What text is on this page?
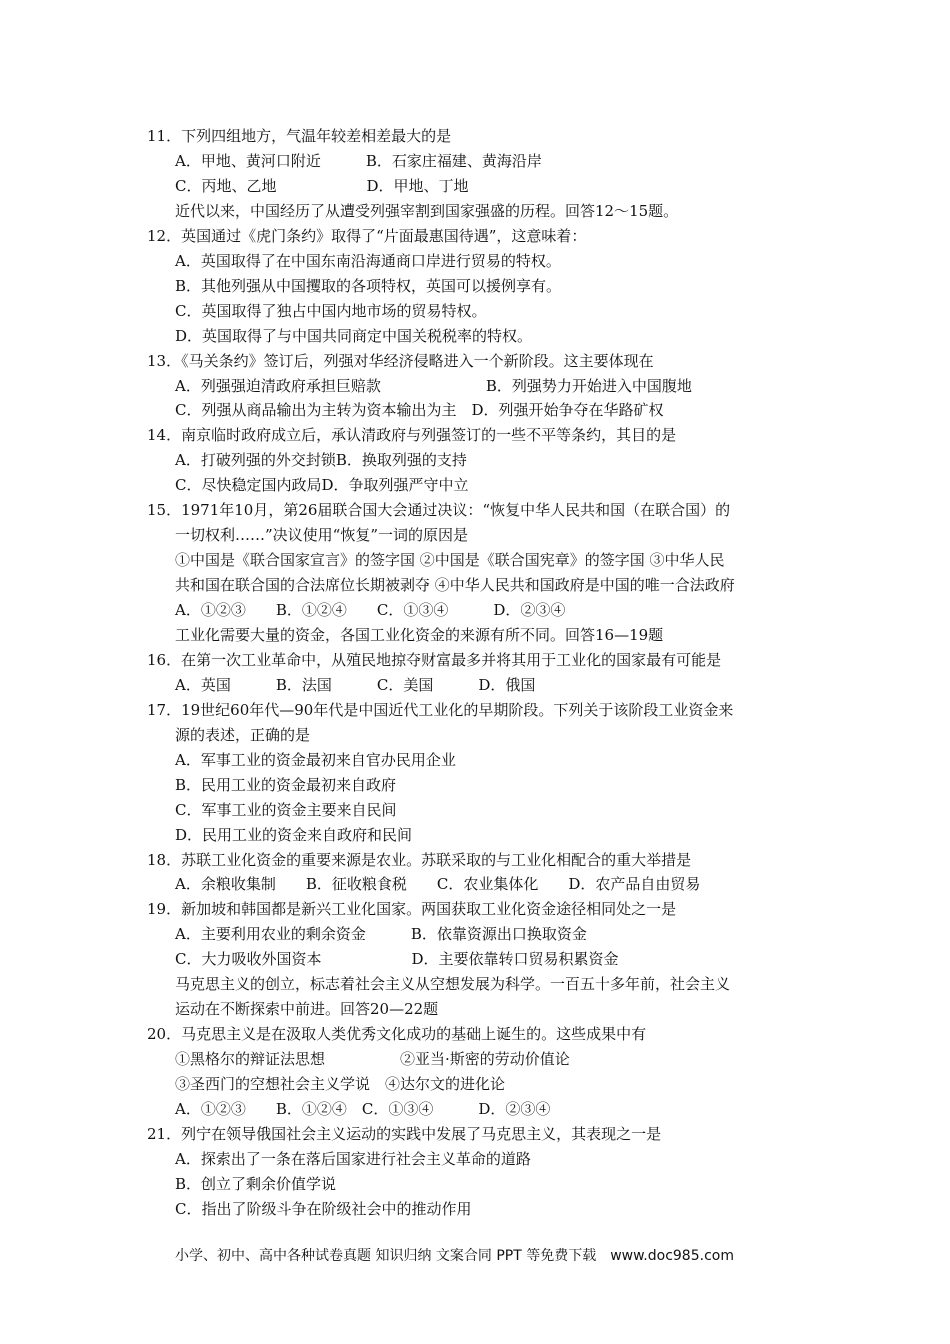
11．下列四组地方，气温年较差相差最大的是
A．甲地、黄河口附近　　　B．石家庄福建、黄海沿岸
C．丙地、乙地　　　　　　D．甲地、丁地
近代以来，中国经历了从遭受列强宰割到国家强盛的历程。回答12～15题。
12．英国通过《虎门条约》取得了“片面最惠国待遇”，这意味着：
A．英国取得了在中国东南沿海通商口岸进行贸易的特权。
B．其他列强从中国攫取的各项特权，英国可以援例享有。
C．英国取得了独占中国内地市场的贸易特权。
D．英国取得了与中国共同商定中国关税税率的特权。
13．《马关条约》签订后，列强对华经济侵略进入一个新阶段。这主要体现在
A．列强强迫清政府承担巨赔款　　　　　　　B．列强势力开始进入中国腹地
C．列强从商品输出为主转为资本输出为主　D．列强开始争夺在华路矿权
14．南京临时政府成立后，承认清政府与列强签订的一些不平等条约，其目的是
A．打破列强的外交封锁B．换取列强的支持
C．尽快稳定国内政局D．争取列强严守中立
15．1971年10月，第26届联合国大会通过决议：“恢复中华人民共和国（在联合国）的
一切权利……”决议使用“恢复”一词的原因是
①中国是《联合国家宣言》的签字国 ②中国是《联合国宪章》的签字国 ③中华人民
共和国在联合国的合法席位长期被剥夺 ④中华人民共和国政府是中国的唯一合法政府
A．①②③　　B．①②④　　C．①③④　　　D．②③④
工业化需要大量的资金，各国工业化资金的来源有所不同。回答16—19题
16．在第一次工业革命中，从殖民地掠夺财富最多并将其用于工业化的国家最有可能是
A．英国　　　B．法国　　　C．美国　　　D．俄国
17．19世纪60年代—90年代是中国近代工业化的早期阶段。下列关于该阶段工业资金来
源的表述，正确的是
A．军事工业的资金最初来自官办民用企业
B．民用工业的资金最初来自政府
C．军事工业的资金主要来自民间
D．民用工业的资金来自政府和民间
18．苏联工业化资金的重要来源是农业。苏联采取的与工业化相配合的重大举措是
A．余粮收集制　　B．征收粮食税　　C．农业集体化　　D．农产品自由贸易
19．新加坡和韩国都是新兴工业化国家。两国获取工业化资金途径相同处之一是
A．主要利用农业的剩余资金　　　B．依靠资源出口换取资金
C．大力吸收外国资本　　　　　　D．主要依靠转口贸易积累资金
马克思主义的创立，标志着社会主义从空想发展为科学。一百五十多年前，社会主义
运动在不断探索中前进。回答20—22题
20．马克思主义是在汲取人类优秀文化成功的基础上诞生的。这些成果中有
①黑格尔的辩证法思想　　　　　②亚当·斯密的劳动价值论
③圣西门的空想社会主义学说　④达尔文的进化论
A．①②③　　B．①②④　C．①③④　　　D．②③④
21．列宁在领导俄国社会主义运动的实践中发展了马克思主义，其表现之一是
A．探索出了一条在落后国家进行社会主义革命的道路
B．创立了剩余价值学说
C．指出了阶级斗争在阶级社会中的推动作用
小学、初中、高中各种试卷真题 知识归纳 文案合同 PPT 等免费下载　www.doc985.com
